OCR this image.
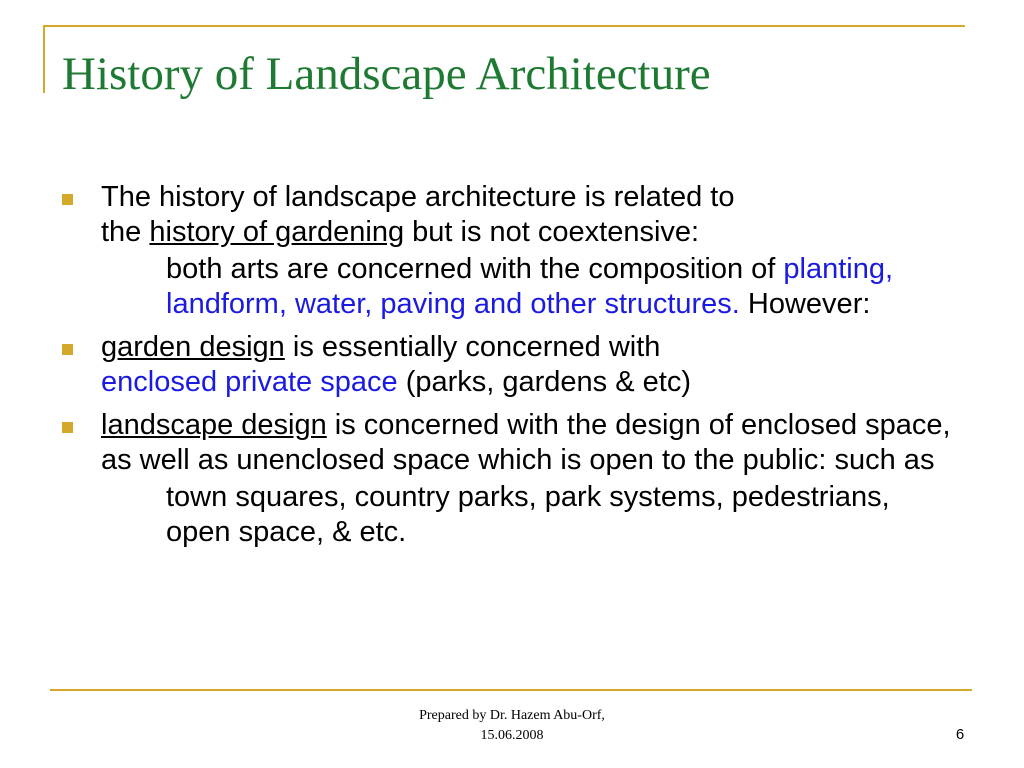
History of Landscape Architecture
The history of landscape architecture is related to
the history of gardening but is not coextensive:
both arts are concerned with the composition of planting, landform, water, paving and other structures. However:
garden design is essentially concerned with
enclosed private space (parks, gardens & etc)
landscape design is concerned with the design of enclosed space, as well as unenclosed space which is open to the public: such as
town squares, country parks, park systems, pedestrians, open space, & etc.
Prepared by Dr. Hazem Abu-Orf,
15.06.2008	6
